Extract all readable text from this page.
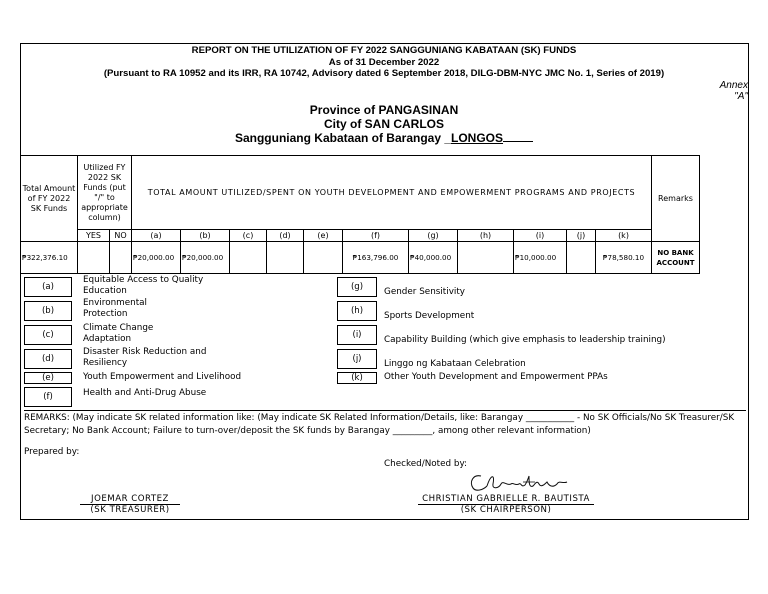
REPORT ON THE UTILIZATION OF FY 2022 SANGGUNIANG KABATAAN (SK) FUNDS
As of 31 December 2022
(Pursuant to RA 10952 and its IRR, RA 10742, Advisory dated 6 September 2018, DILG-DBM-NYC JMC No. 1, Series of 2019)
Annex
"A"
Province of PANGASINAN
City of SAN CARLOS
Sangguniang Kabataan of Barangay _LONGOS
Total Amount of FY 2022 SK Funds	Utilized FY 2022 SK Funds (put "/" to appropriate column)		TOTAL AMOUNT UTILIZED/SPENT ON YOUTH DEVELOPMENT AND EMPOWERMENT PROGRAMS AND PROJECTS											Remarks
	YES	NO	(a)	(b)	(c)	(d)	(e)	(f)	(g)	(h)	(i)	(j)	(k)	
₱322,376.10			₱20,000.00	₱20,000.00				₱163,796.00	₱40,000.00		₱10,000.00		₱78,580.10	NO BANK ACCOUNT
(a)
Equitable Access to Quality Education
(b)
Environmental Protection
(c)
Climate Change Adaptation
(d)
Disaster Risk Reduction and Resiliency
(e)	Youth Empowerment and Livelihood
(f)	Health and Anti-Drug Abuse
(g)	Gender Sensitivity
(h)	Sports Development
(i)	Capability Building (which give emphasis to leadership training)
(j)	Linggo ng Kabataan Celebration
(k)	Other Youth Development and Empowerment PPAs
REMARKS: (May indicate SK related information like: (May indicate SK Related Information/Details, like: Barangay ___________ - No SK Officials/No SK Treasurer/SK Secretary; No Bank Account; Failure to turn-over/deposit the SK funds by Barangay _________, among other relevant information)
Prepared by:
Checked/Noted by:
JOEMAR CORTEZ
(SK TREASURER)
CHRISTIAN GABRIELLE R. BAUTISTA
(SK CHAIRPERSON)
